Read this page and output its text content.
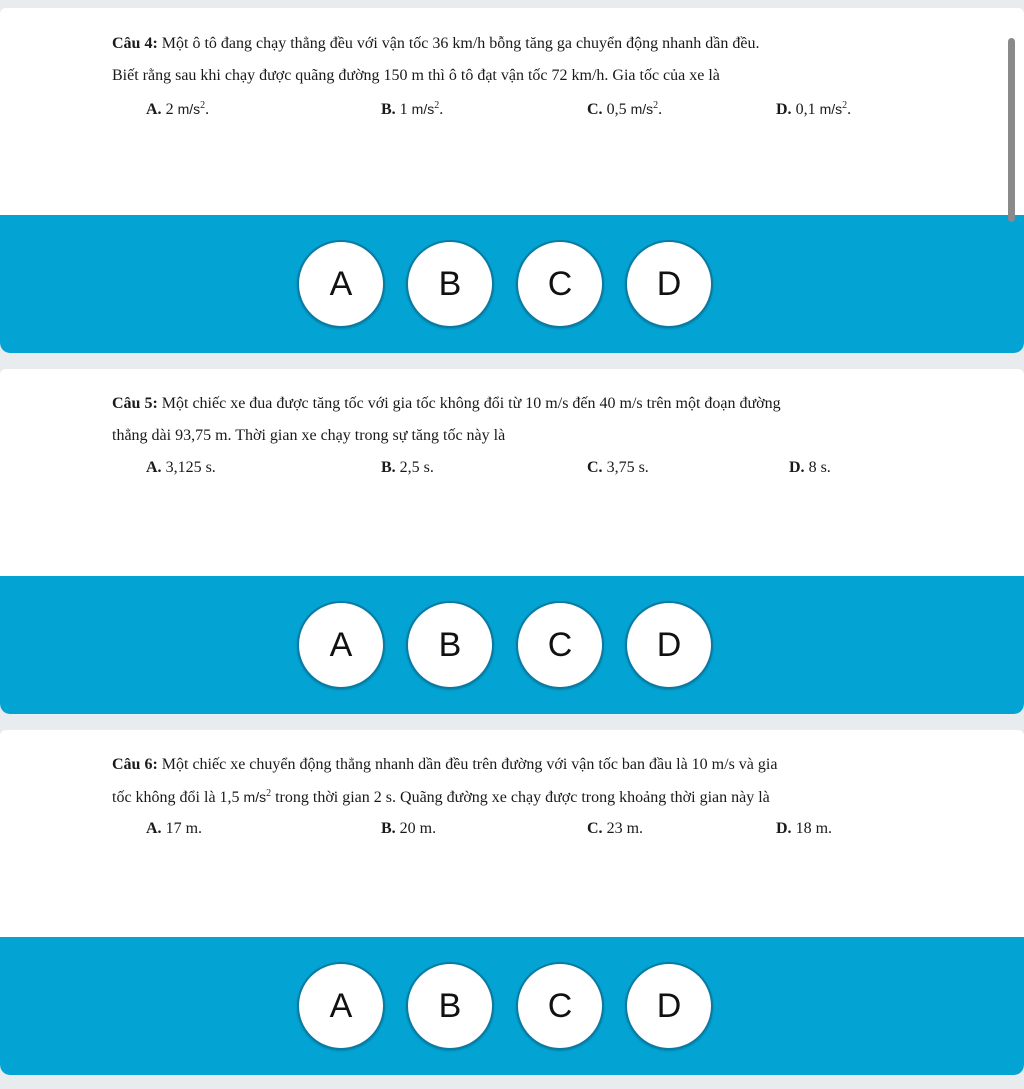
Câu 4: Một ô tô đang chạy thẳng đều với vận tốc 36 km/h bỗng tăng ga chuyển động nhanh dần đều.
Biết rằng sau khi chạy được quãng đường 150 m thì ô tô đạt vận tốc 72 km/h. Gia tốc của xe là
A. 2 $m/s^2$.	B. 1 $m/s^2$.	C. 0,5 $m/s^2$.	D. 0,1 $m/s^2$.
A	B	C	D
Câu 5: Một chiếc xe đua được tăng tốc với gia tốc không đổi từ 10 m/s đến 40 m/s trên một đoạn đường
thẳng dài 93,75 m. Thời gian xe chạy trong sự tăng tốc này là
A. 3,125 s.	B. 2,5 s.	C. 3,75 s.	D. 8 s.
A	B	C	D
Câu 6: Một chiếc xe chuyển động thẳng nhanh dần đều trên đường với vận tốc ban đầu là 10 m/s và gia
tốc không đổi là 1,5 $m/s^2$ trong thời gian 2 s. Quãng đường xe chạy được trong khoảng thời gian này là
A. 17 m.	B. 20 m.	C. 23 m.	D. 18 m.
A	B	C	D
